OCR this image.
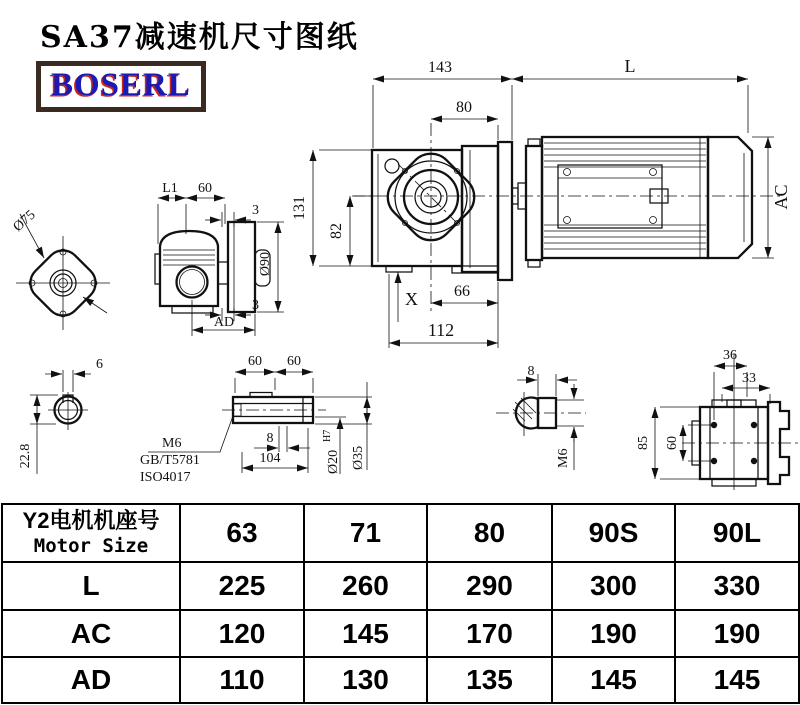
SA37减速机尺寸图纸
BOSERL	143	L
80
131
82
AC
X 66
112
Ø75
L1 60
3
3
Ø90
AD
6
22.8
60 60
8
104	Ø20
H7
Ø35
M6
GB/T5781
ISO4017
8
M6
36
33
85 60
Y2电机机座号
Motor Size	63	71	80	90S	90L
L	225	260	290	300	330
AC	120	145	170	190	190
AD	110	130	135	145	145
